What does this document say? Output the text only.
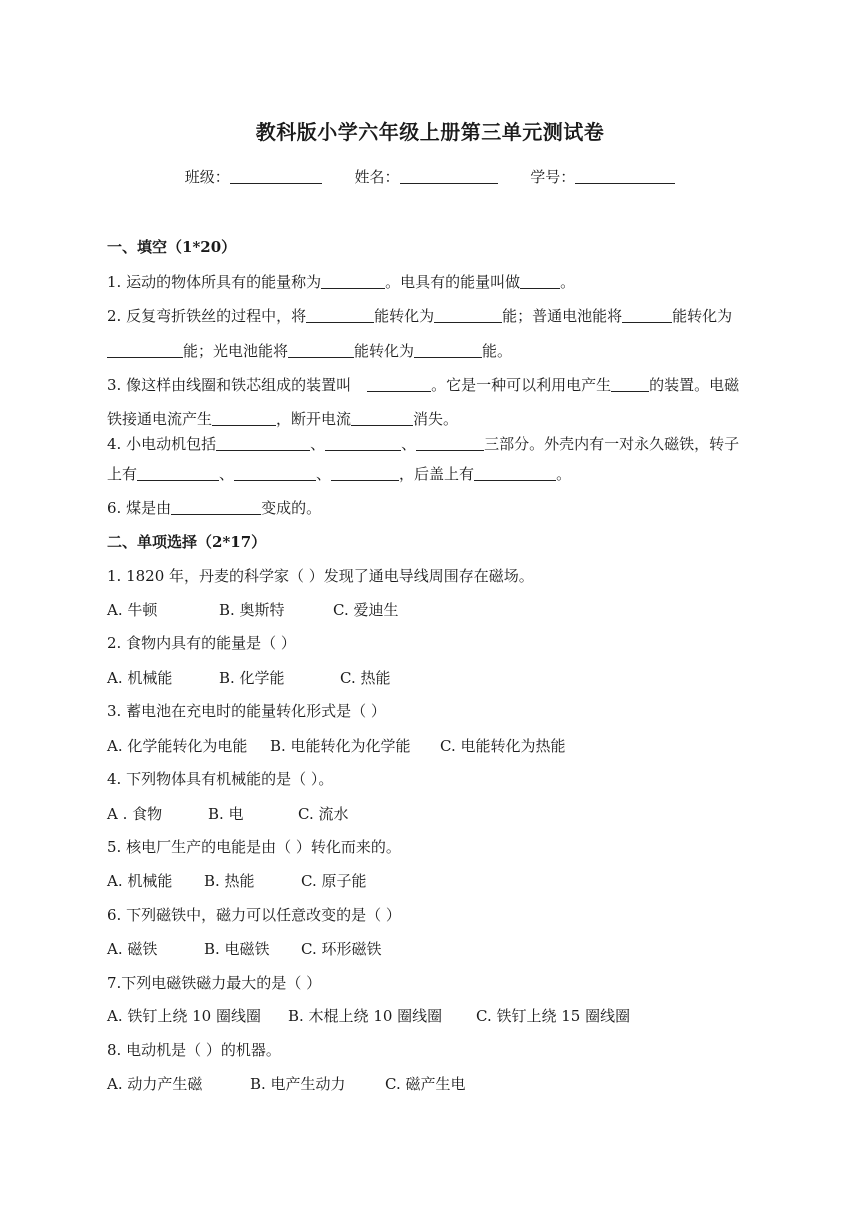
教科版小学六年级上册第三单元测试卷
班级：	姓名：	学号：
一、填空（1*20）
1. 运动的物体所具有的能量称为	。电具有的能量叫做	。
2. 反复弯折铁丝的过程中，将	能转化为	能；普通电池能将	能转化为
能；光电池能将	能转化为	能。
3. 像这样由线圈和铁芯组成的装置叫	。它是一种可以利用电产生	的装置。电磁
铁接通电流产生	，断开电流	消失。
4. 小电动机包括	、	、	三部分。外壳内有一对永久磁铁，转子
上有	、	、	，后盖上有	。
6. 煤是由	变成的。
二、单项选择（2*17）
1. 1820 年，丹麦的科学家（ ）发现了通电导线周围存在磁场。
A. 牛顿	B. 奥斯特	C. 爱迪生
2. 食物内具有的能量是（ ）
A. 机械能	B. 化学能	C. 热能
3. 蓄电池在充电时的能量转化形式是（ ）
A. 化学能转化为电能 B. 电能转化为化学能 C. 电能转化为热能
4. 下列物体具有机械能的是（ ）。
A . 食物	B. 电	C. 流水
5. 核电厂生产的电能是由（ ）转化而来的。
A. 机械能 B. 热能	C. 原子能
6. 下列磁铁中，磁力可以任意改变的是（ ）
A. 磁铁	B. 电磁铁 C. 环形磁铁
7.下列电磁铁磁力最大的是（ ）
A. 铁钉上绕 10 圈线圈 B. 木棍上绕 10 圈线圈 C. 铁钉上绕 15 圈线圈
8. 电动机是（ ）的机器。
A. 动力产生磁	B. 电产生动力	C. 磁产生电
